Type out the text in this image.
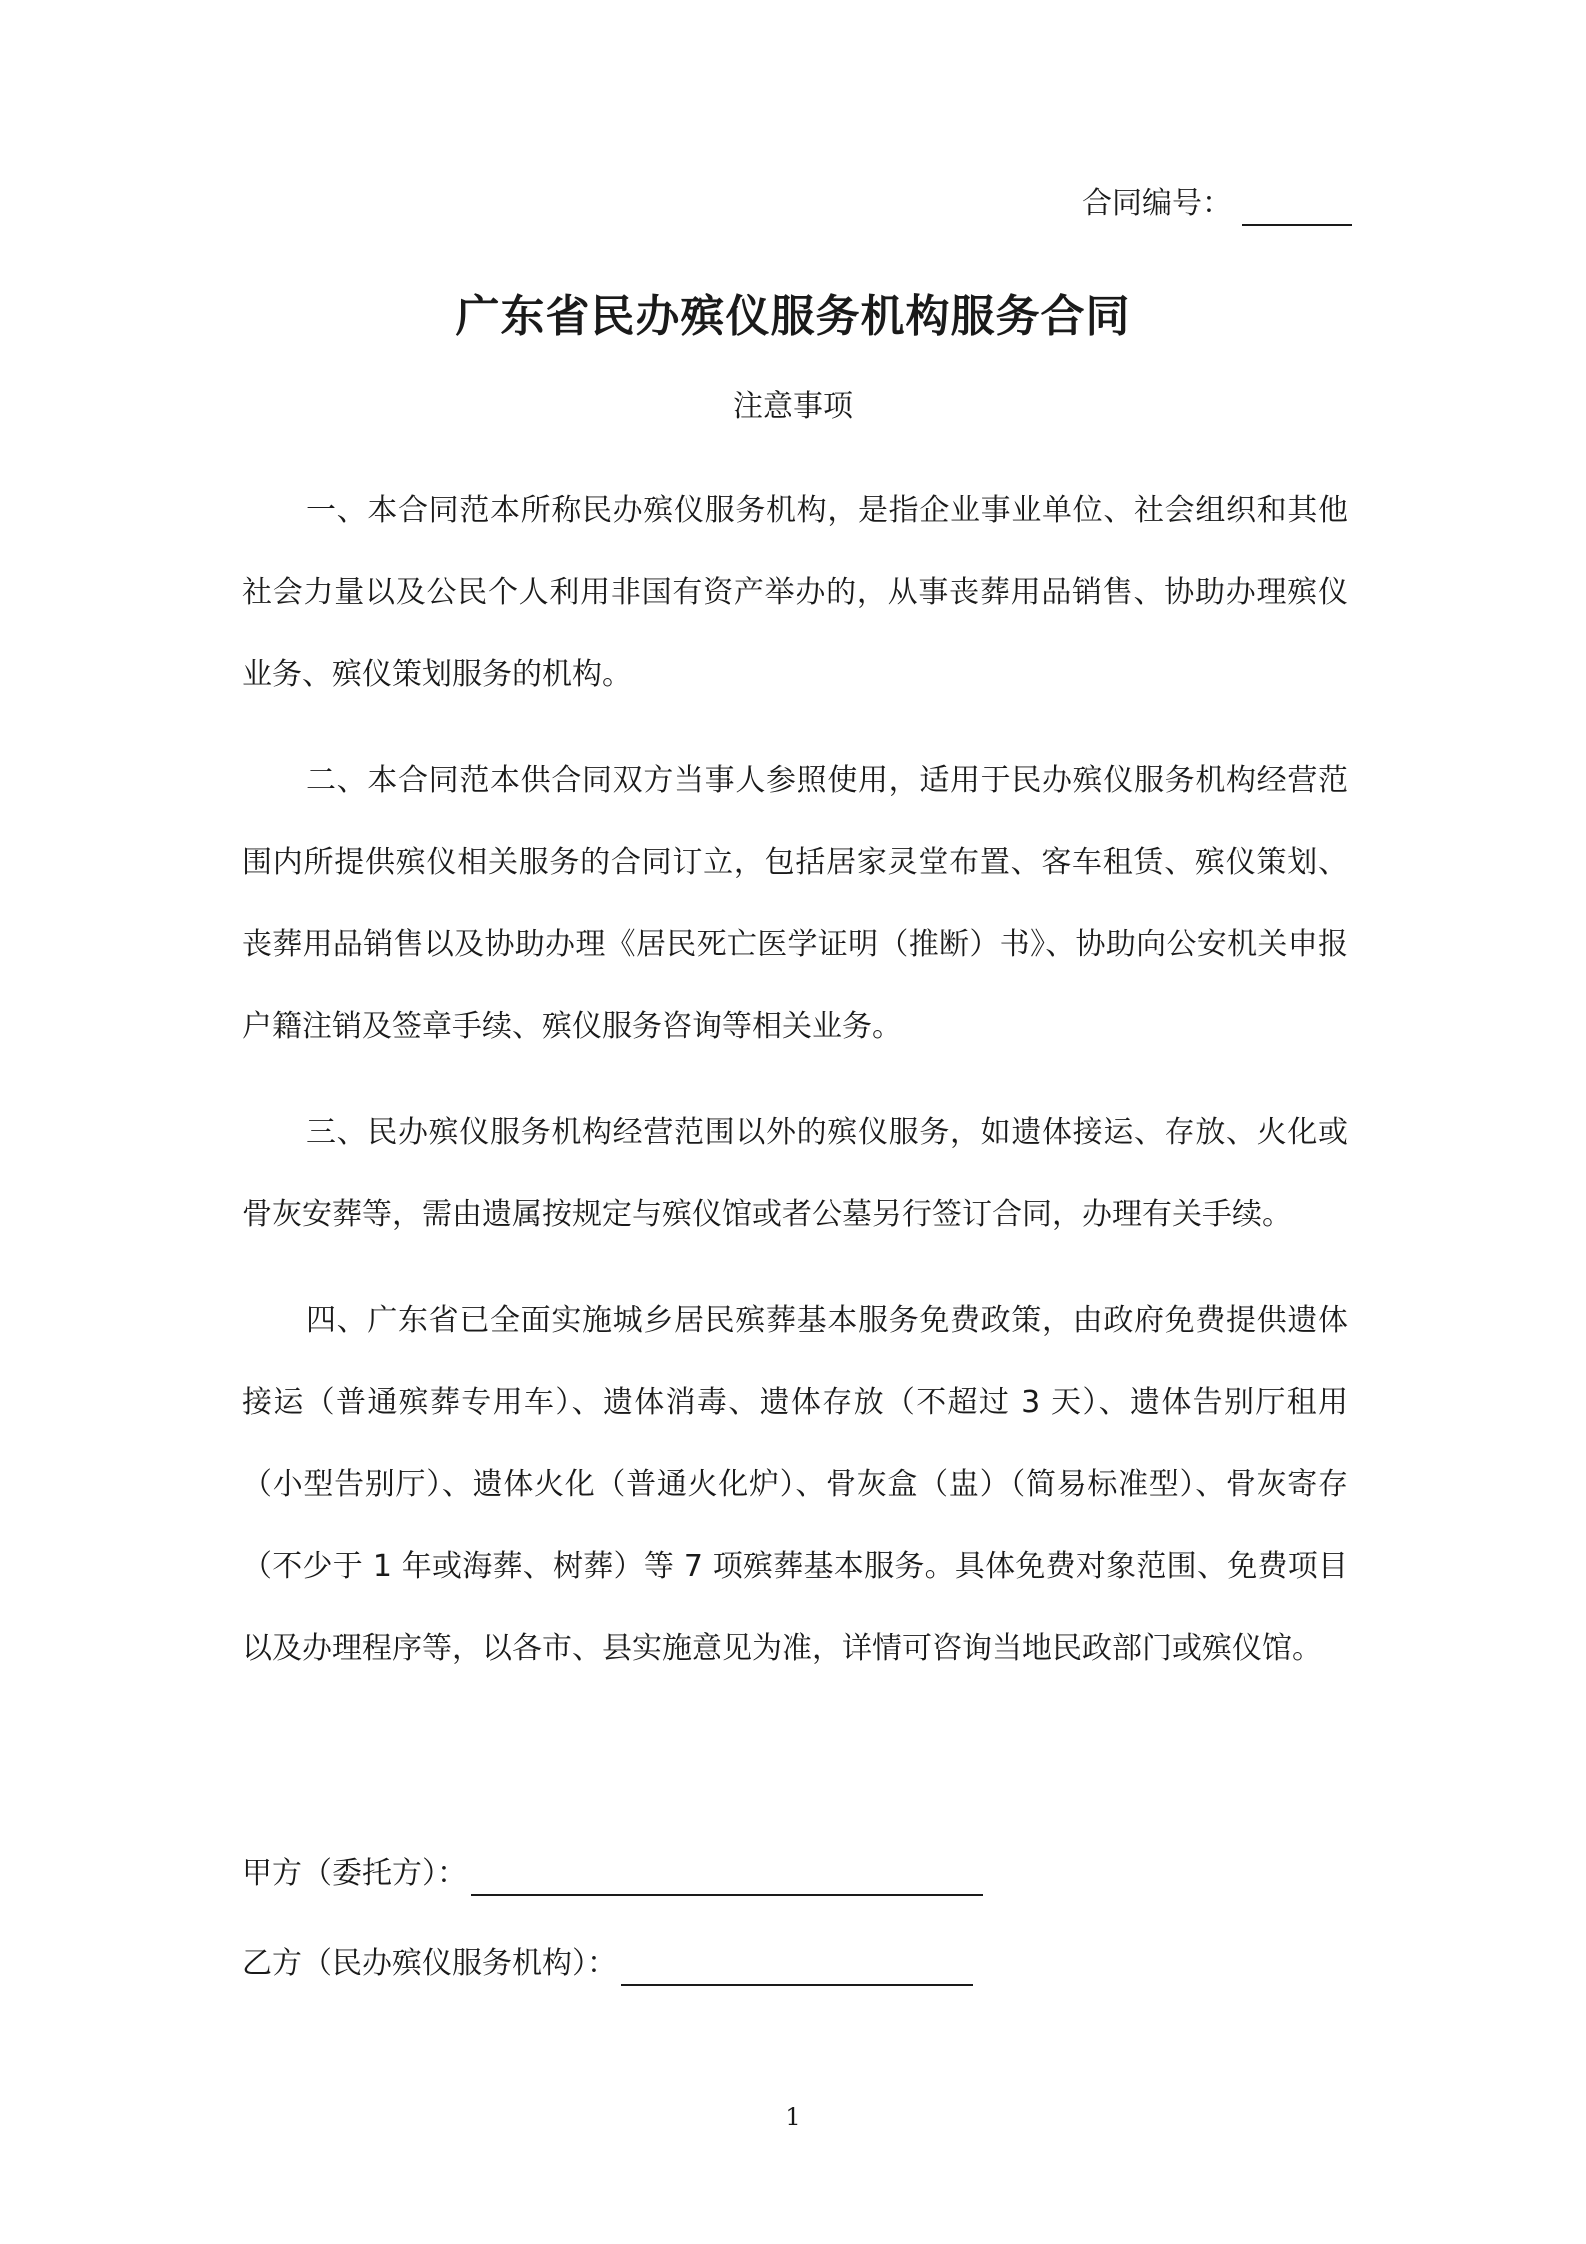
合同编号：
广东省民办殡仪服务机构服务合同
注意事项

一、本合同范本所称民办殡仪服务机构，是指企业事业单位、社会组织和其他社会力量以及公民个人利用非国有资产举办的，从事丧葬用品销售、协助办理殡仪业务、殡仪策划服务的机构。

二、本合同范本供合同双方当事人参照使用，适用于民办殡仪服务机构经营范围内所提供殡仪相关服务的合同订立，包括居家灵堂布置、客车租赁、殡仪策划、丧葬用品销售以及协助办理《居民死亡医学证明（推断）书》、协助向公安机关申报户籍注销及签章手续、殡仪服务咨询等相关业务。

三、民办殡仪服务机构经营范围以外的殡仪服务，如遗体接运、存放、火化或骨灰安葬等，需由遗属按规定与殡仪馆或者公墓另行签订合同，办理有关手续。

四、广东省已全面实施城乡居民殡葬基本服务免费政策，由政府免费提供遗体接运（普通殡葬专用车）、遗体消毒、遗体存放（不超过 3 天）、遗体告别厅租用（小型告别厅）、遗体火化（普通火化炉）、骨灰盒（盅）（简易标准型）、骨灰寄存（不少于 1 年或海葬、树葬）等 7 项殡葬基本服务。具体免费对象范围、免费项目以及办理程序等，以各市、县实施意见为准，详情可咨询当地民政部门或殡仪馆。

甲方（委托方）：
乙方（民办殡仪服务机构）：
1
